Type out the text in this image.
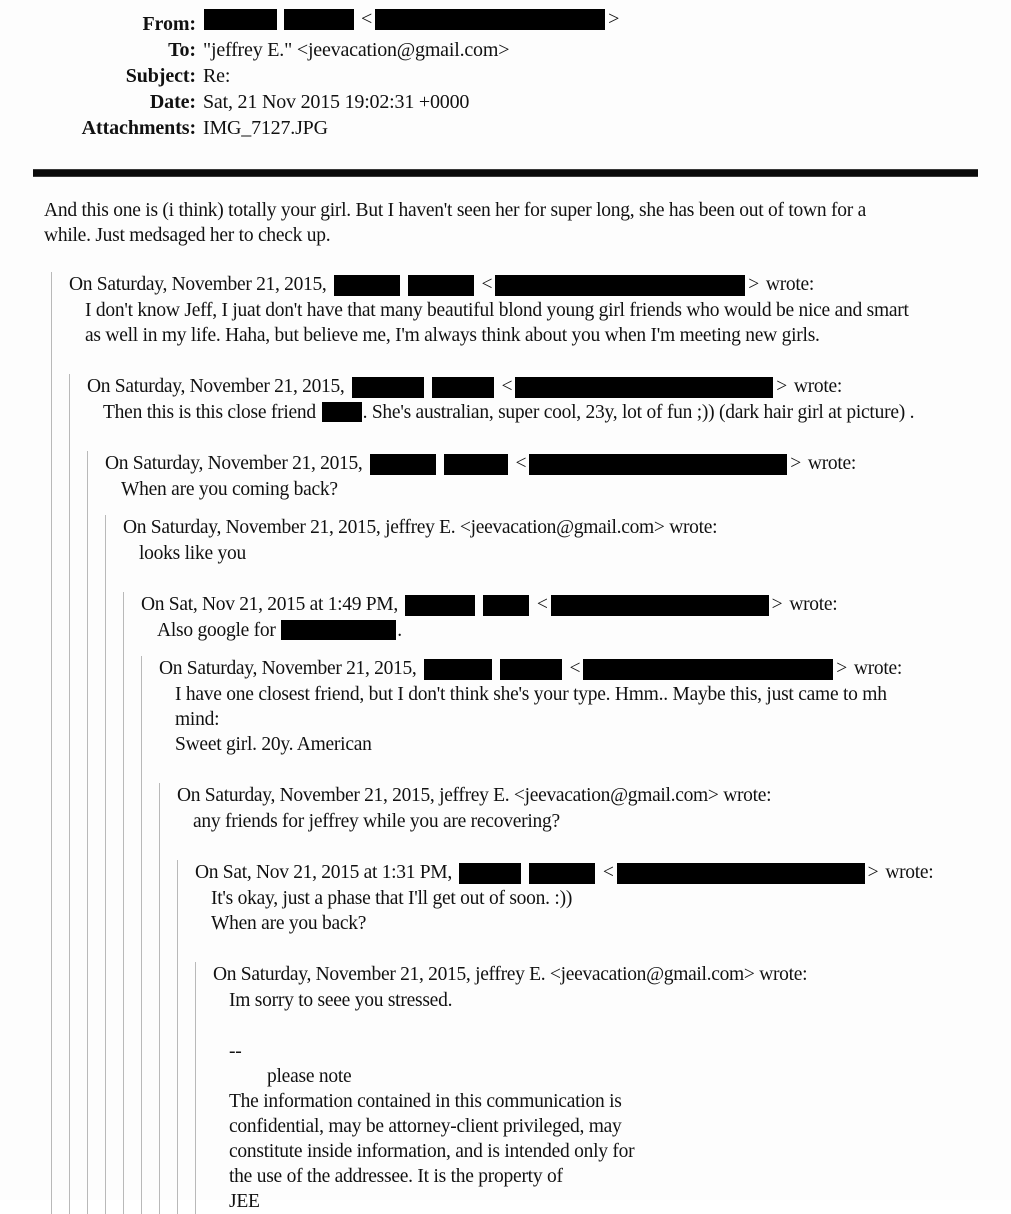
From:	<	>
To: "jeffrey E." <jeevacation@gmail.com>
Subject: Re:
Date: Sat, 21 Nov 2015 19:02:31 +0000
Attachments: IMG_7127.JPG
And this one is (i think) totally your girl. But I haven't seen her for super long, she has been out of town for a
while. Just medsaged her to check up.
On Saturday, November 21, 2015,	<	> wrote:
I don't know Jeff, I juat don't have that many beautiful blond young girl friends who would be nice and smart
as well in my life. Haha, but believe me, I'm always think about you when I'm meeting new girls.
On Saturday, November 21, 2015,	<	> wrote:
Then this is this close friend . She's australian, super cool, 23y, lot of fun ;)) (dark hair girl at picture) .
On Saturday, November 21, 2015,	<	> wrote:
When are you coming back?
On Saturday, November 21, 2015, jeffrey E. <jeevacation@gmail.com> wrote:
looks like you
On Sat, Nov 21, 2015 at 1:49 PM,	<	> wrote:
Also google for	.
On Saturday, November 21, 2015,	<	> wrote:
I have one closest friend, but I don't think she's your type. Hmm.. Maybe this, just came to mh
mind:
Sweet girl. 20y. American
On Saturday, November 21, 2015, jeffrey E. <jeevacation@gmail.com> wrote:
any friends for jeffrey while you are recovering?
On Sat, Nov 21, 2015 at 1:31 PM,	<	> wrote:
It's okay, just a phase that I'll get out of soon. :))
When are you back?
On Saturday, November 21, 2015, jeffrey E. <jeevacation@gmail.com> wrote:
Im sorry to seee you stressed.
--
please note
The information contained in this communication is
confidential, may be attorney-client privileged, may
constitute inside information, and is intended only for
the use of the addressee. It is the property of
JEE
